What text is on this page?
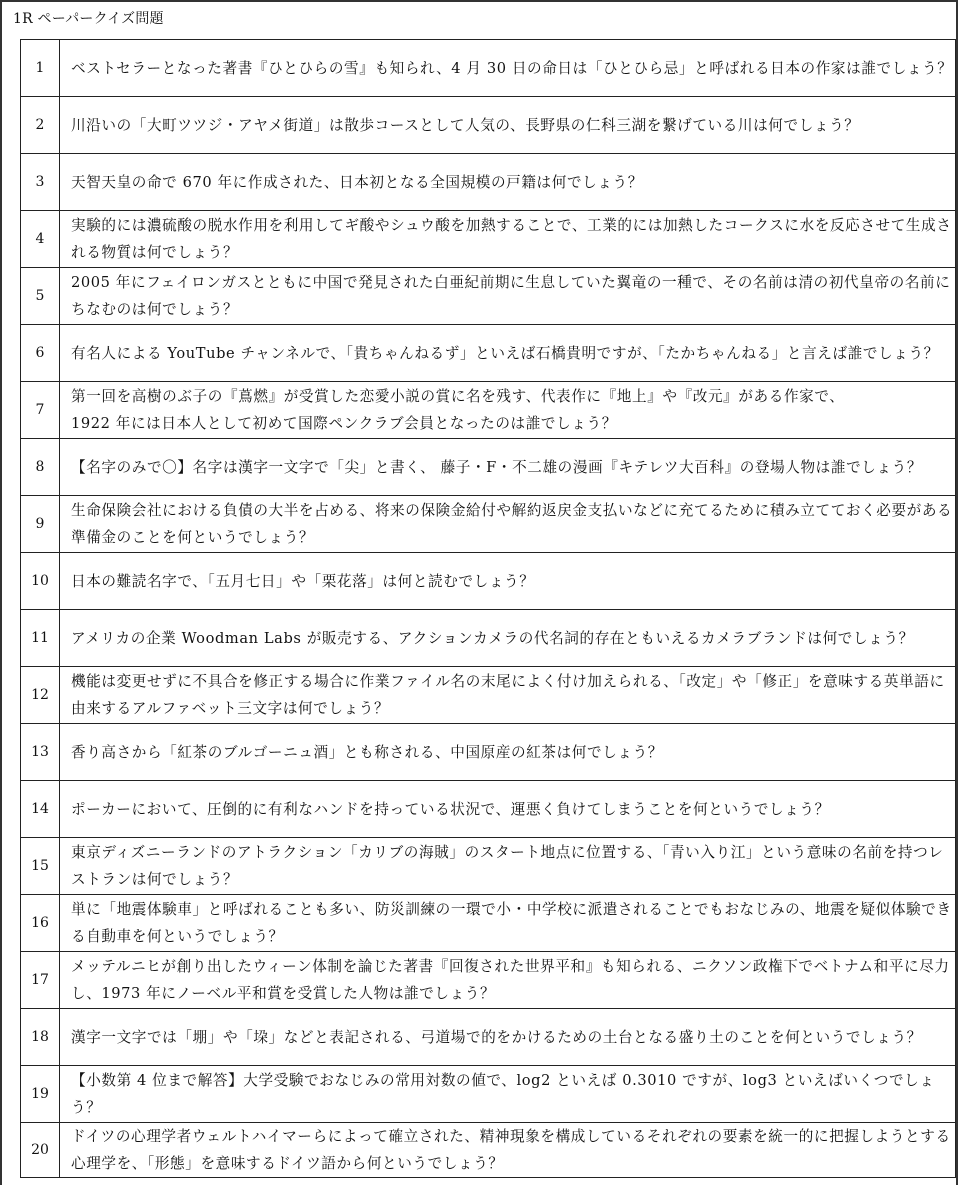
1R ペーパークイズ問題
1	ベストセラーとなった著書『ひとひらの雪』も知られ、4 月 30 日の命日は「ひとひら忌」と呼ばれる日本の作家は誰でしょう？
2	川沿いの「大町ツツジ・アヤメ街道」は散歩コースとして人気の、長野県の仁科三湖を繋げている川は何でしょう？
3	天智天皇の命で 670 年に作成された、日本初となる全国規模の戸籍は何でしょう？
4	実験的には濃硫酸の脱水作用を利用してギ酸やシュウ酸を加熱することで、工業的には加熱したコークスに水を反応させて生成される物質は何でしょう？
5	2005 年にフェイロンガスとともに中国で発見された白亜紀前期に生息していた翼竜の一種で、その名前は清の初代皇帝の名前にちなむのは何でしょう？
6	有名人による YouTube チャンネルで、「貴ちゃんねるず」といえば石橋貴明ですが、「たかちゃんねる」と言えば誰でしょう？
7	第一回を高樹のぶ子の『蔦燃』が受賞した恋愛小説の賞に名を残す、代表作に『地上』や『改元』がある作家で、
1922 年には日本人として初めて国際ペンクラブ会員となったのは誰でしょう？
8	【名字のみで〇】名字は漢字一文字で「尖」と書く、 藤子・F・不二雄の漫画『キテレツ大百科』の登場人物は誰でしょう？
9	生命保険会社における負債の大半を占める、将来の保険金給付や解約返戻金支払いなどに充てるために積み立てておく必要がある準備金のことを何というでしょう？
10	日本の難読名字で、「五月七日」や「栗花落」は何と読むでしょう？
11	アメリカの企業 Woodman Labs が販売する、アクションカメラの代名詞的存在ともいえるカメラブランドは何でしょう？
12	機能は変更せずに不具合を修正する場合に作業ファイル名の末尾によく付け加えられる、「改定」や「修正」を意味する英単語に由来するアルファベット三文字は何でしょう？
13	香り高さから「紅茶のブルゴーニュ酒」とも称される、中国原産の紅茶は何でしょう？
14	ポーカーにおいて、圧倒的に有利なハンドを持っている状況で、運悪く負けてしまうことを何というでしょう？
15	東京ディズニーランドのアトラクション「カリブの海賊」のスタート地点に位置する、「青い入り江」という意味の名前を持つレストランは何でしょう？
16	単に「地震体験車」と呼ばれることも多い、防災訓練の一環で小・中学校に派遣されることでもおなじみの、地震を疑似体験できる自動車を何というでしょう？
17	メッテルニヒが創り出したウィーン体制を論じた著書『回復された世界平和』も知られる、ニクソン政権下でベトナム和平に尽力し、1973 年にノーベル平和賞を受賞した人物は誰でしょう？
18	漢字一文字では「堋」や「垜」などと表記される、弓道場で的をかけるための土台となる盛り土のことを何というでしょう？
19	【小数第 4 位まで解答】大学受験でおなじみの常用対数の値で、log2 といえば 0.3010 ですが、log3 といえばいくつでしょう？
20	ドイツの心理学者ウェルトハイマーらによって確立された、精神現象を構成しているそれぞれの要素を統一的に把握しようとする心理学を、「形態」を意味するドイツ語から何というでしょう？
